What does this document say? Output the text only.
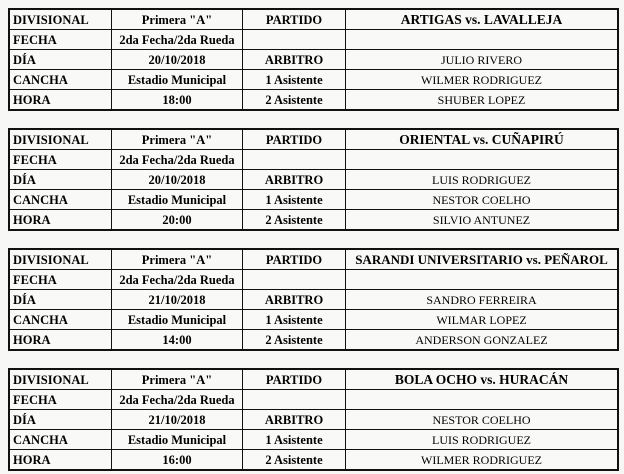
DIVISIONAL	Primera "A"	PARTIDO	ARTIGAS vs. LAVALLEJA
FECHA	2da Fecha/2da Rueda		
DÍA	20/10/2018	ARBITRO	JULIO RIVERO
CANCHA	Estadio Municipal	1 Asistente	WILMER RODRIGUEZ
HORA	18:00	2 Asistente	SHUBER LOPEZ
DIVISIONAL	Primera "A"	PARTIDO	ORIENTAL vs. CUÑAPIRÚ
FECHA	2da Fecha/2da Rueda		
DÍA	20/10/2018	ARBITRO	LUIS RODRIGUEZ
CANCHA	Estadio Municipal	1 Asistente	NESTOR COELHO
HORA	20:00	2 Asistente	SILVIO ANTUNEZ
DIVISIONAL	Primera "A"	PARTIDO	SARANDI UNIVERSITARIO vs. PEÑAROL
FECHA	2da Fecha/2da Rueda		
DÍA	21/10/2018	ARBITRO	SANDRO FERREIRA
CANCHA	Estadio Municipal	1 Asistente	WILMAR LOPEZ
HORA	14:00	2 Asistente	ANDERSON GONZALEZ
DIVISIONAL	Primera "A"	PARTIDO	BOLA OCHO vs. HURACÁN
FECHA	2da Fecha/2da Rueda		
DÍA	21/10/2018	ARBITRO	NESTOR COELHO
CANCHA	Estadio Municipal	1 Asistente	LUIS RODRIGUEZ
HORA	16:00	2 Asistente	WILMER RODRIGUEZ
